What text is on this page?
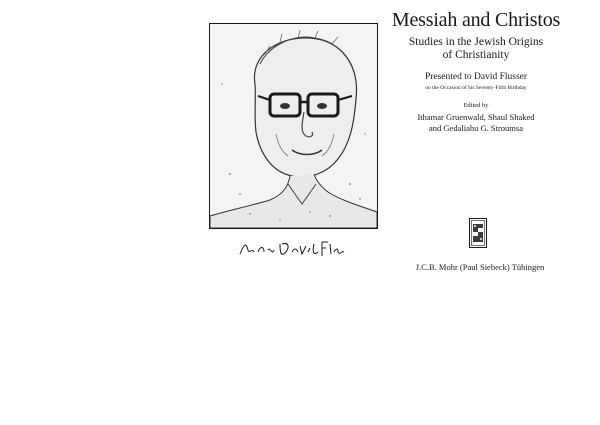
Messiah and Christos
Studies in the Jewish Origins
of Christianity
Presented to David Flusser
on the Occasion of his Seventy-Fifth Birthday
Edited by
Ithamar Gruenwald, Shaul Shaked
and Gedaliahu G. Stroumsa
J.C.B. Mohr (Paul Siebeck) Tübingen
